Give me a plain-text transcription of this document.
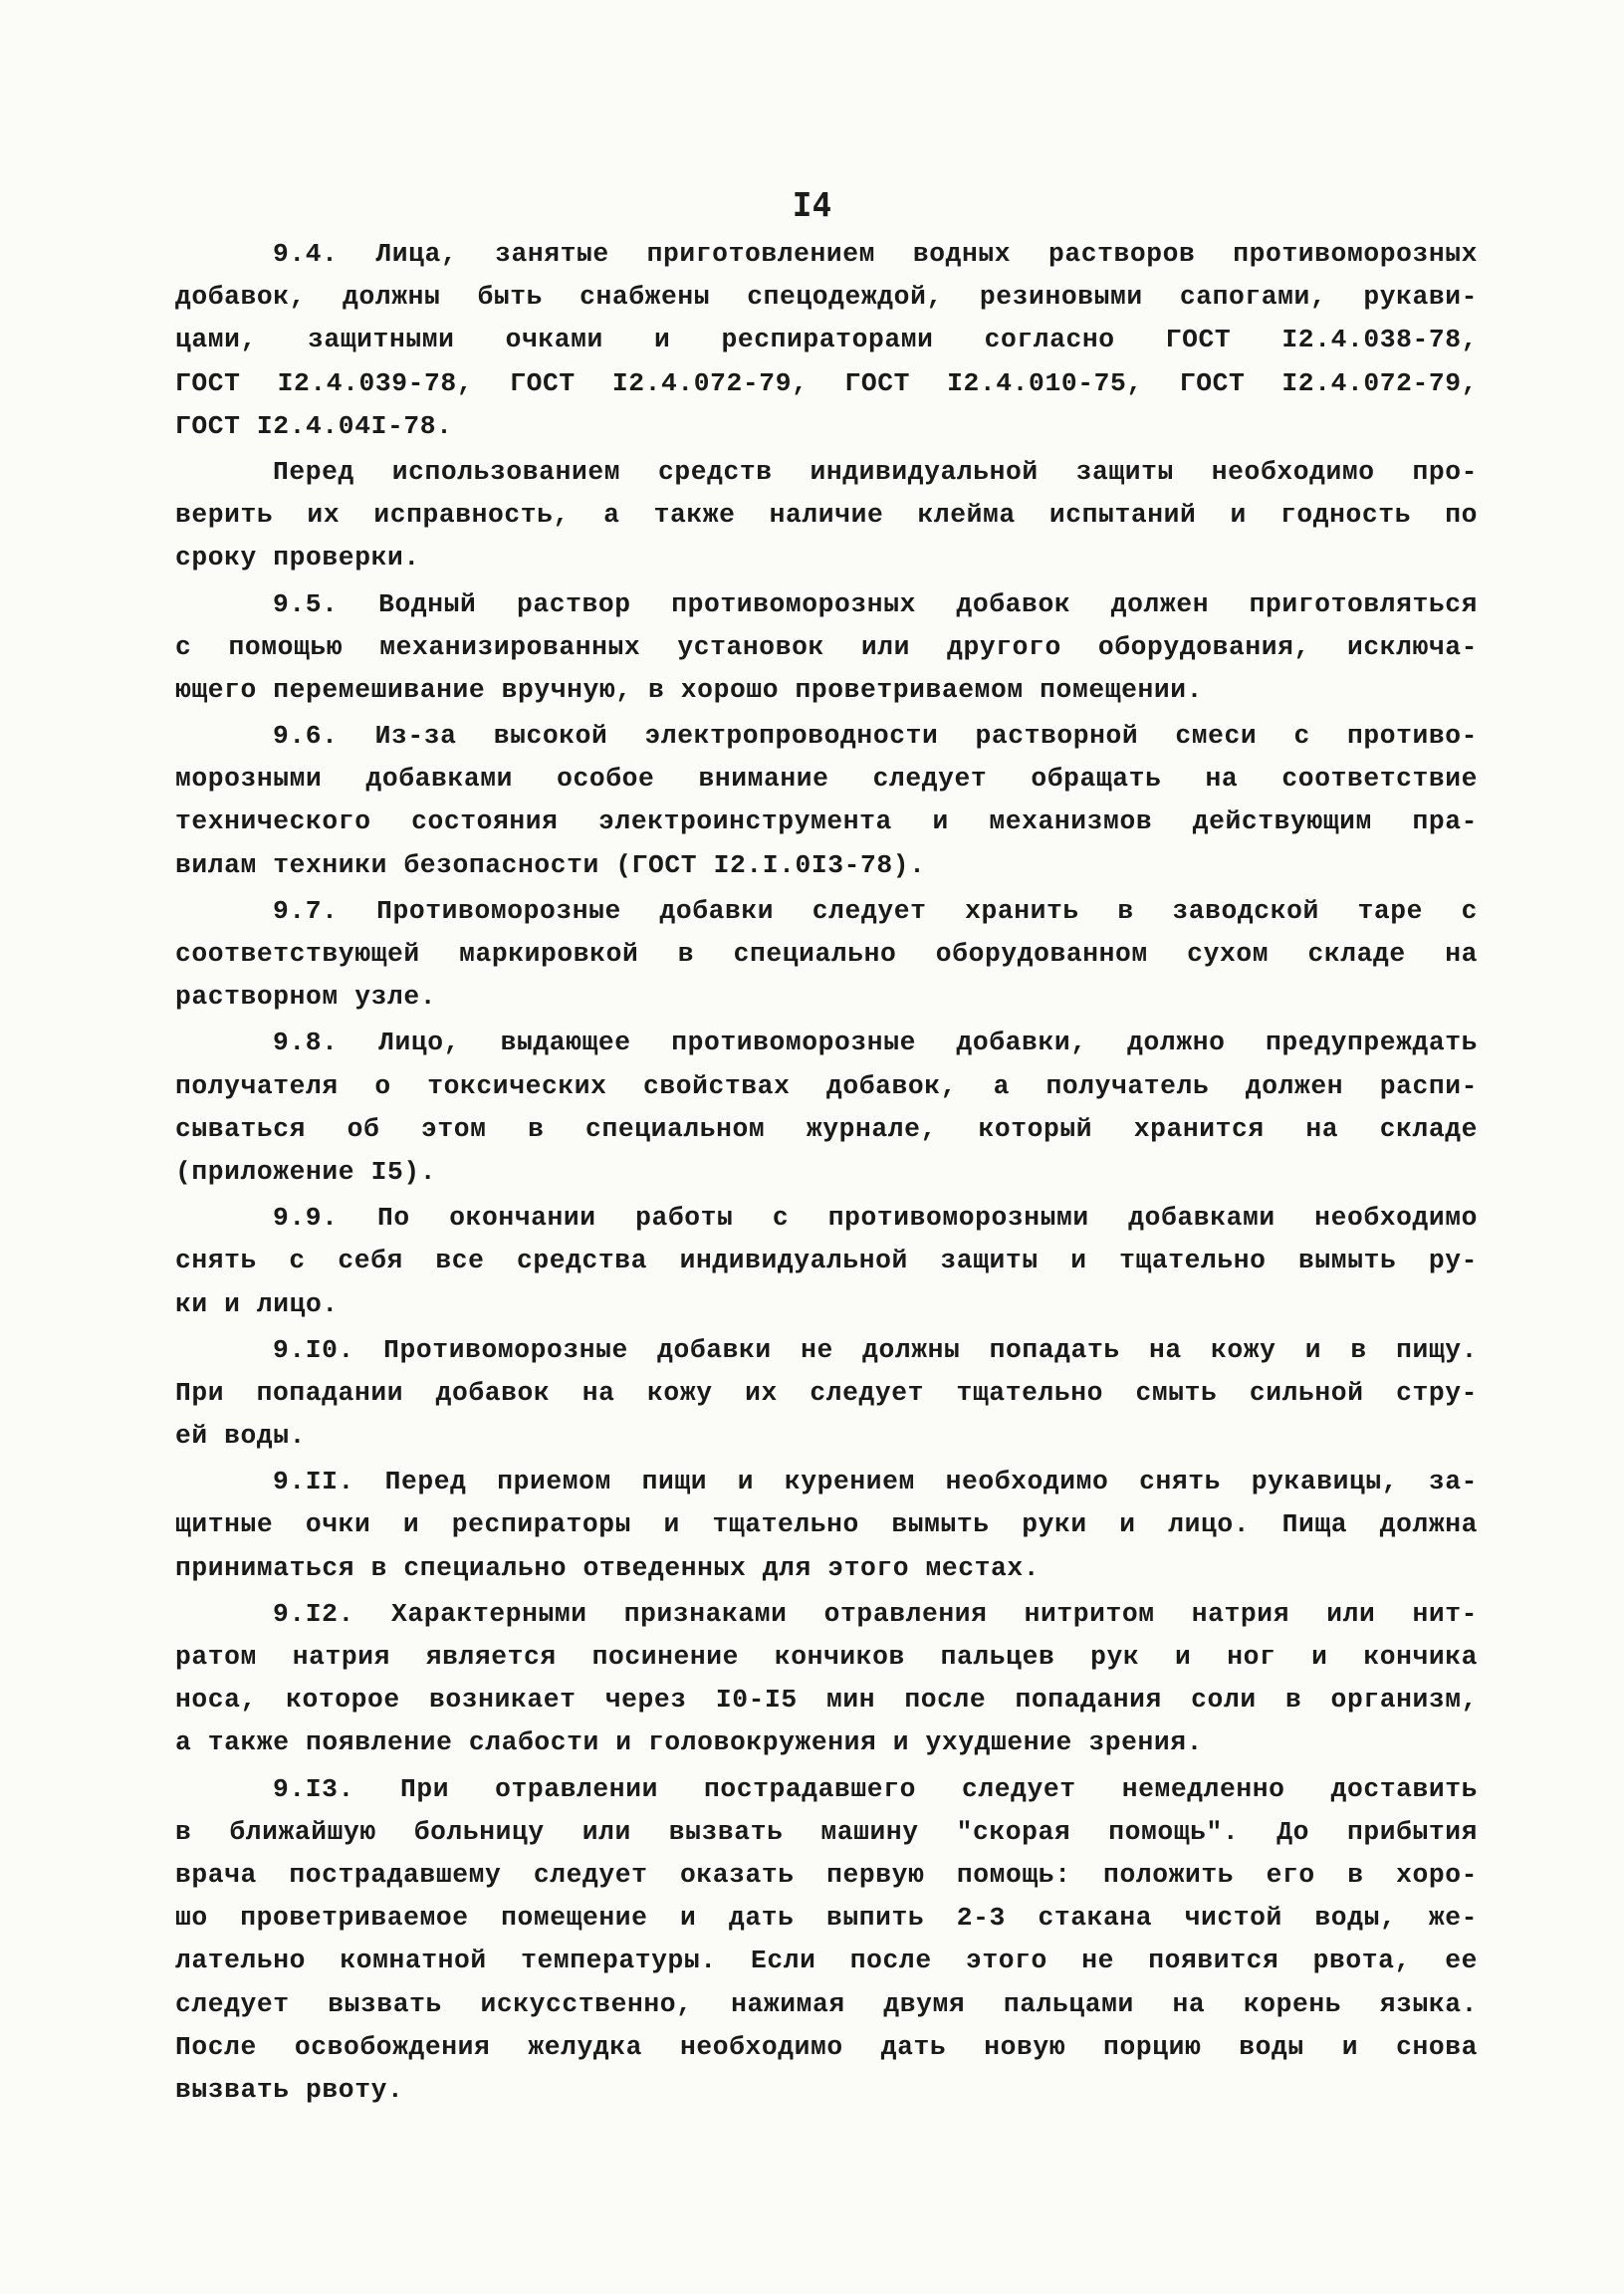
I4
9.4. Лица, занятые приготовлением водных растворов противоморозных
добавок, должны быть снабжены спецодеждой, резиновыми сапогами, рукави-
цами, защитными очками и респираторами согласно ГОСТ I2.4.038-78,
ГОСТ I2.4.039-78, ГОСТ I2.4.072-79, ГОСТ I2.4.010-75, ГОСТ I2.4.072-79,
ГОСТ I2.4.04I-78.
Перед использованием средств индивидуальной защиты необходимо про-
верить их исправность, а также наличие клейма испытаний и годность по
сроку проверки.
9.5. Водный раствор противоморозных добавок должен приготовляться
с помощью механизированных установок или другого оборудования, исключа-
ющего перемешивание вручную, в хорошо проветриваемом помещении.
9.6. Из-за высокой электропроводности растворной смеси с противо-
морозными добавками особое внимание следует обращать на соответствие
технического состояния электроинструмента и механизмов действующим пра-
вилам техники безопасности (ГОСТ I2.I.0I3-78).
9.7. Противоморозные добавки следует хранить в заводской таре с
соответствующей маркировкой в специально оборудованном сухом складе на
растворном узле.
9.8. Лицо, выдающее противоморозные добавки, должно предупреждать
получателя о токсических свойствах добавок, а получатель должен распи-
сываться об этом в специальном журнале, который хранится на складе
(приложение I5).
9.9. По окончании работы с противоморозными добавками необходимо
снять с себя все средства индивидуальной защиты и тщательно вымыть ру-
ки и лицо.
9.I0. Противоморозные добавки не должны попадать на кожу и в пищу.
При попадании добавок на кожу их следует тщательно смыть сильной стру-
ей воды.
9.II. Перед приемом пищи и курением необходимо снять рукавицы, за-
щитные очки и респираторы и тщательно вымыть руки и лицо. Пища должна
приниматься в специально отведенных для этого местах.
9.I2. Характерными признаками отравления нитритом натрия или нит-
ратом натрия является посинение кончиков пальцев рук и ног и кончика
носа, которое возникает через I0-I5 мин после попадания соли в организм,
а также появление слабости и головокружения и ухудшение зрения.
9.I3. При отравлении пострадавшего следует немедленно доставить
в ближайшую больницу или вызвать машину "скорая помощь". До прибытия
врача пострадавшему следует оказать первую помощь: положить его в хоро-
шо проветриваемое помещение и дать выпить 2-3 стакана чистой воды, же-
лательно комнатной температуры. Если после этого не появится рвота, ее
следует вызвать искусственно, нажимая двумя пальцами на корень языка.
После освобождения желудка необходимо дать новую порцию воды и снова
вызвать рвоту.
